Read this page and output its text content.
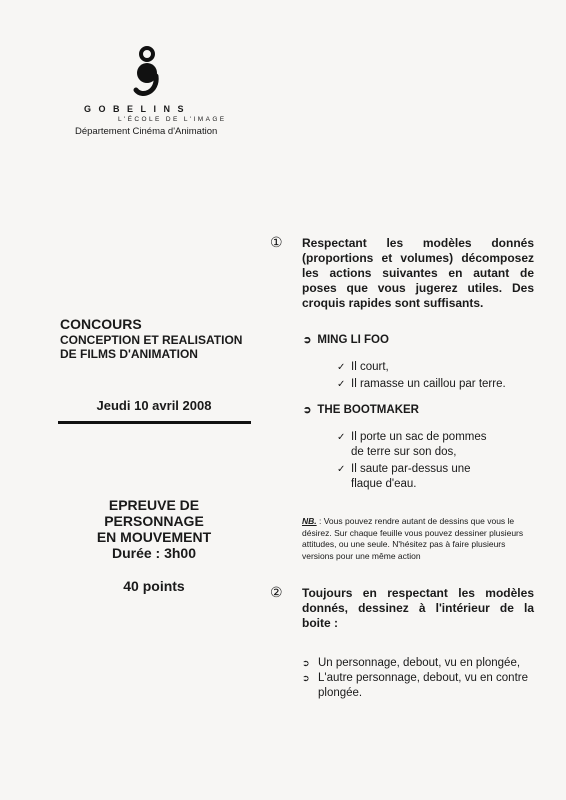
GOBELINS
L'ÉCOLE DE L'IMAGE
Département Cinéma d'Animation
CONCOURS
CONCEPTION ET REALISATION
DE FILMS D'ANIMATION
Jeudi 10 avril 2008
EPREUVE DE PERSONNAGE
EN MOUVEMENT
Durée : 3h00
40 points
① Respectant les modèles donnés
(proportions et volumes) décomposez
les actions suivantes en autant de
poses que vous jugerez utiles. Des
croquis rapides sont suffisants.
➲ MING LI FOO
✓ Il court,
✓ Il ramasse un caillou par terre.
➲ THE BOOTMAKER
✓ Il porte un sac de pommes de terre sur son dos,
✓ Il saute par-dessus une flaque d'eau.
NB. : Vous pouvez rendre autant de dessins que vous le désirez. Sur chaque feuille vous pouvez dessiner plusieurs attitudes, ou une seule. N'hésitez pas à faire plusieurs versions pour une même action
② Toujours en respectant les modèles
donnés, dessinez à l'intérieur de la
boite :
➲ Un personnage, debout, vu en plongée,
➲ L'autre personnage, debout, vu en contre plongée.
